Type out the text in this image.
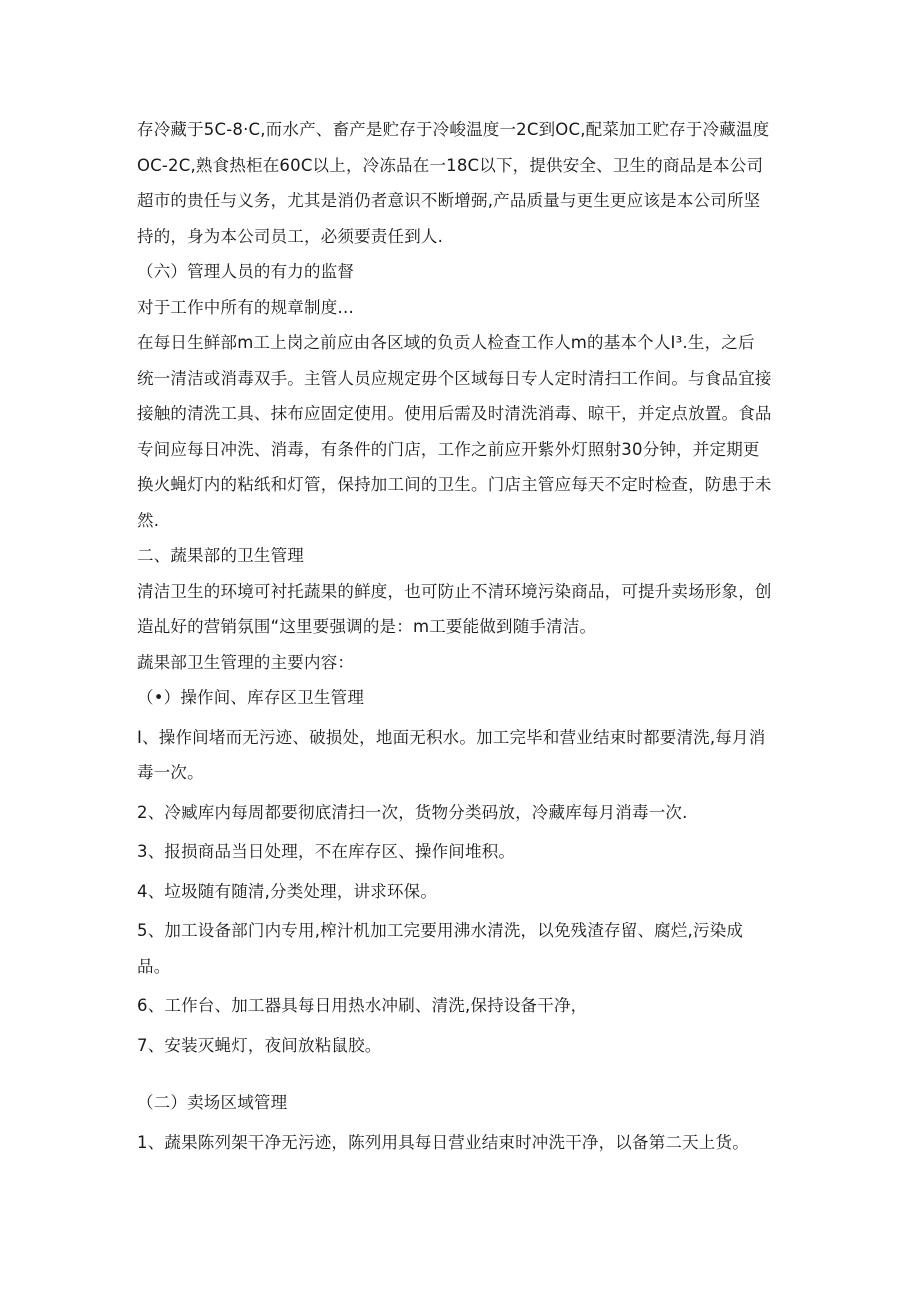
存冷藏于5C-8·C,而水产、畜产是贮存于冷峻温度一2C到OC,配菜加工贮存于冷藏温度
OC-2C,熟食热柜在60C以上，冷冻品在一18C以下，提供安全、卫生的商品是本公司
超市的贵任与义务，尤其是消仍者意识不断增弼,产品质量与更生更应该是本公司所坚
持的，身为本公司员工，必须要责任到人.
（六）管理人员的有力的监督
对于工作中所有的规章制度…
在每日生鲜部m工上岗之前应由各区域的负贡人检查工作人m的基本个人I³.生，之后
统一清洁或消毒双手。主管人员应规定毋个区域每日专人定时清扫工作间。与食品宜接
接触的清洗工具、抹布应固定使用。使用后需及时清洗消毒、晾干，并定点放置。食品
专间应每日冲洗、消毒，有条件的门店，工作之前应开紫外灯照射30分钟，并定期更
换火蝇灯内的粘纸和灯管，保持加工间的卫生。门店主管应每天不定时检查，防患于未
然.
二、蔬果部的卫生管理
清洁卫生的环境可衬托蔬果的鲜度，也可防止不清环境污染商品，可提升卖场形象，创
造乩好的营销氛围“这里要强调的是：m工要能做到随手清洁。
蔬果部卫生管理的主要内容：
（•）操作间、库存区卫生管理
I、操作间堵而无污迹、破损处，地面无积水。加工完毕和营业结束时都要清洗,每月消
毒一次。
2、冷臧库内每周都要彻底清扫一次，货物分类码放，冷藏库每月消毒一次.
3、报损商品当日处理，不在库存区、操作间堆积。
4、垃圾随有随清,分类处理，讲求环保。
5、加工设备部门内专用,榨汁机加工完要用沸水清洗，以免残渣存留、腐烂,污染成
品。
6、工作台、加工器具每日用热水冲刷、清洗,保持设备干净，
7、安装灭蝇灯，夜间放粘鼠胶。
（二）卖场区域管理
1、蔬果陈列架干净无污迹，陈列用具每日营业结束时冲洗干净，以备第二天上货。
